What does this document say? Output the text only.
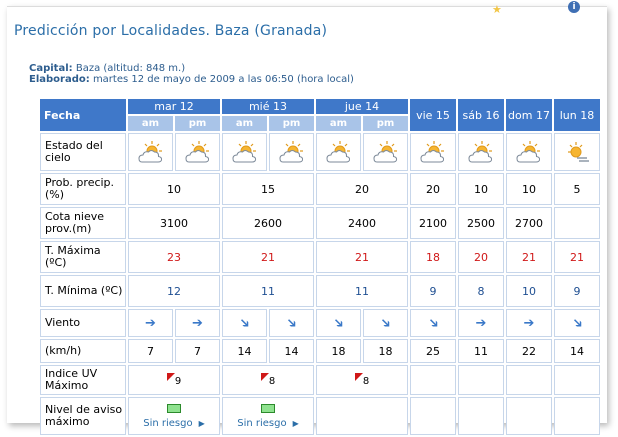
★	i
Predicción por Localidades. Baza (Granada)
Capital: Baza (altitud: 848 m.)
Elaborado: martes 12 de mayo de 2009 a las 06:50 (hora local)
Fecha	mar 12		mié 13		jue 14		vie 15	sáb 16	dom 17	lun 18
	am	pm	am	pm	am	pm				
Estado del cielo	

Prob. precip.(%)	10		15		20		20	10	10	5
Cota nieve prov.(m)	3100		2600		2400		2100	2500	2700	
T. Máxima (ºC)	23		21		21		18	20	21	21
T. Mínima (ºC)	12		11		11		9	8	10	9
Viento	➔	➔	➔	➔	➔	➔	➔	➔	➔	➔
(km/h)	7	7	14	14	18	18	25	11	22	14
Indice UV Máximo	9		8		8					
Nivel de aviso máximo	Sin riesgo ▶		Sin riesgo ▶							
